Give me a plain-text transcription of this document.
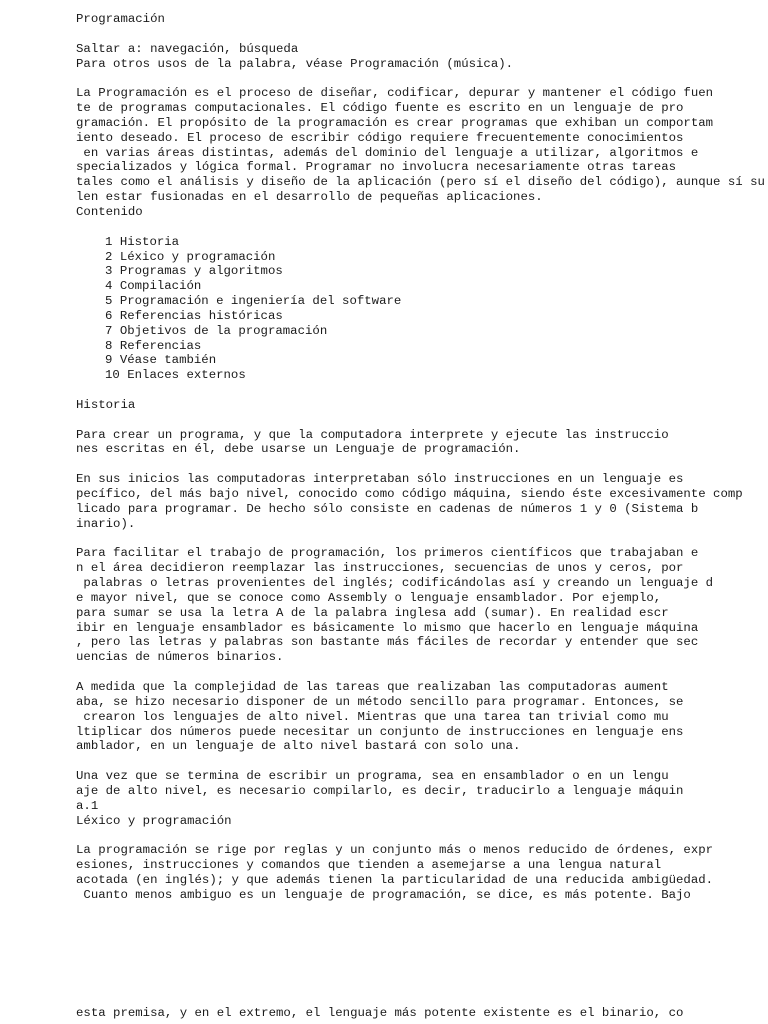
Programación
Saltar a: navegación, búsqueda
Para otros usos de la palabra, véase Programación (música).
La Programación es el proceso de diseñar, codificar, depurar y mantener el código fuen
te de programas computacionales. El código fuente es escrito en un lenguaje de pro
gramación. El propósito de la programación es crear programas que exhiban un comportam
iento deseado. El proceso de escribir código requiere frecuentemente conocimientos
en varias áreas distintas, además del dominio del lenguaje a utilizar, algoritmos e
specializados y lógica formal. Programar no involucra necesariamente otras tareas
tales como el análisis y diseño de la aplicación (pero sí el diseño del código), aunque sí su
len estar fusionadas en el desarrollo de pequeñas aplicaciones.
Contenido
1 Historia
2 Léxico y programación
3 Programas y algoritmos
4 Compilación
5 Programación e ingeniería del software
6 Referencias históricas
7 Objetivos de la programación
8 Referencias
9 Véase también
10 Enlaces externos
Historia
Para crear un programa, y que la computadora interprete y ejecute las instruccio
nes escritas en él, debe usarse un Lenguaje de programación.
En sus inicios las computadoras interpretaban sólo instrucciones en un lenguaje es
pecífico, del más bajo nivel, conocido como código máquina, siendo éste excesivamente comp
licado para programar. De hecho sólo consiste en cadenas de números 1 y 0 (Sistema b
inario).
Para facilitar el trabajo de programación, los primeros científicos que trabajaban e
n el área decidieron reemplazar las instrucciones, secuencias de unos y ceros, por
palabras o letras provenientes del inglés; codificándolas así y creando un lenguaje d
e mayor nivel, que se conoce como Assembly o lenguaje ensamblador. Por ejemplo,
para sumar se usa la letra A de la palabra inglesa add (sumar). En realidad escr
ibir en lenguaje ensamblador es básicamente lo mismo que hacerlo en lenguaje máquina
, pero las letras y palabras son bastante más fáciles de recordar y entender que sec
uencias de números binarios.
A medida que la complejidad de las tareas que realizaban las computadoras aument
aba, se hizo necesario disponer de un método sencillo para programar. Entonces, se
crearon los lenguajes de alto nivel. Mientras que una tarea tan trivial como mu
ltiplicar dos números puede necesitar un conjunto de instrucciones en lenguaje ens
amblador, en un lenguaje de alto nivel bastará con solo una.
Una vez que se termina de escribir un programa, sea en ensamblador o en un lengu
aje de alto nivel, es necesario compilarlo, es decir, traducirlo a lenguaje máquin
a.1
Léxico y programación
La programación se rige por reglas y un conjunto más o menos reducido de órdenes, expr
esiones, instrucciones y comandos que tienden a asemejarse a una lengua natural
acotada (en inglés); y que además tienen la particularidad de una reducida ambigüedad.
Cuanto menos ambiguo es un lenguaje de programación, se dice, es más potente. Bajo
esta premisa, y en el extremo, el lenguaje más potente existente es el binario, co
